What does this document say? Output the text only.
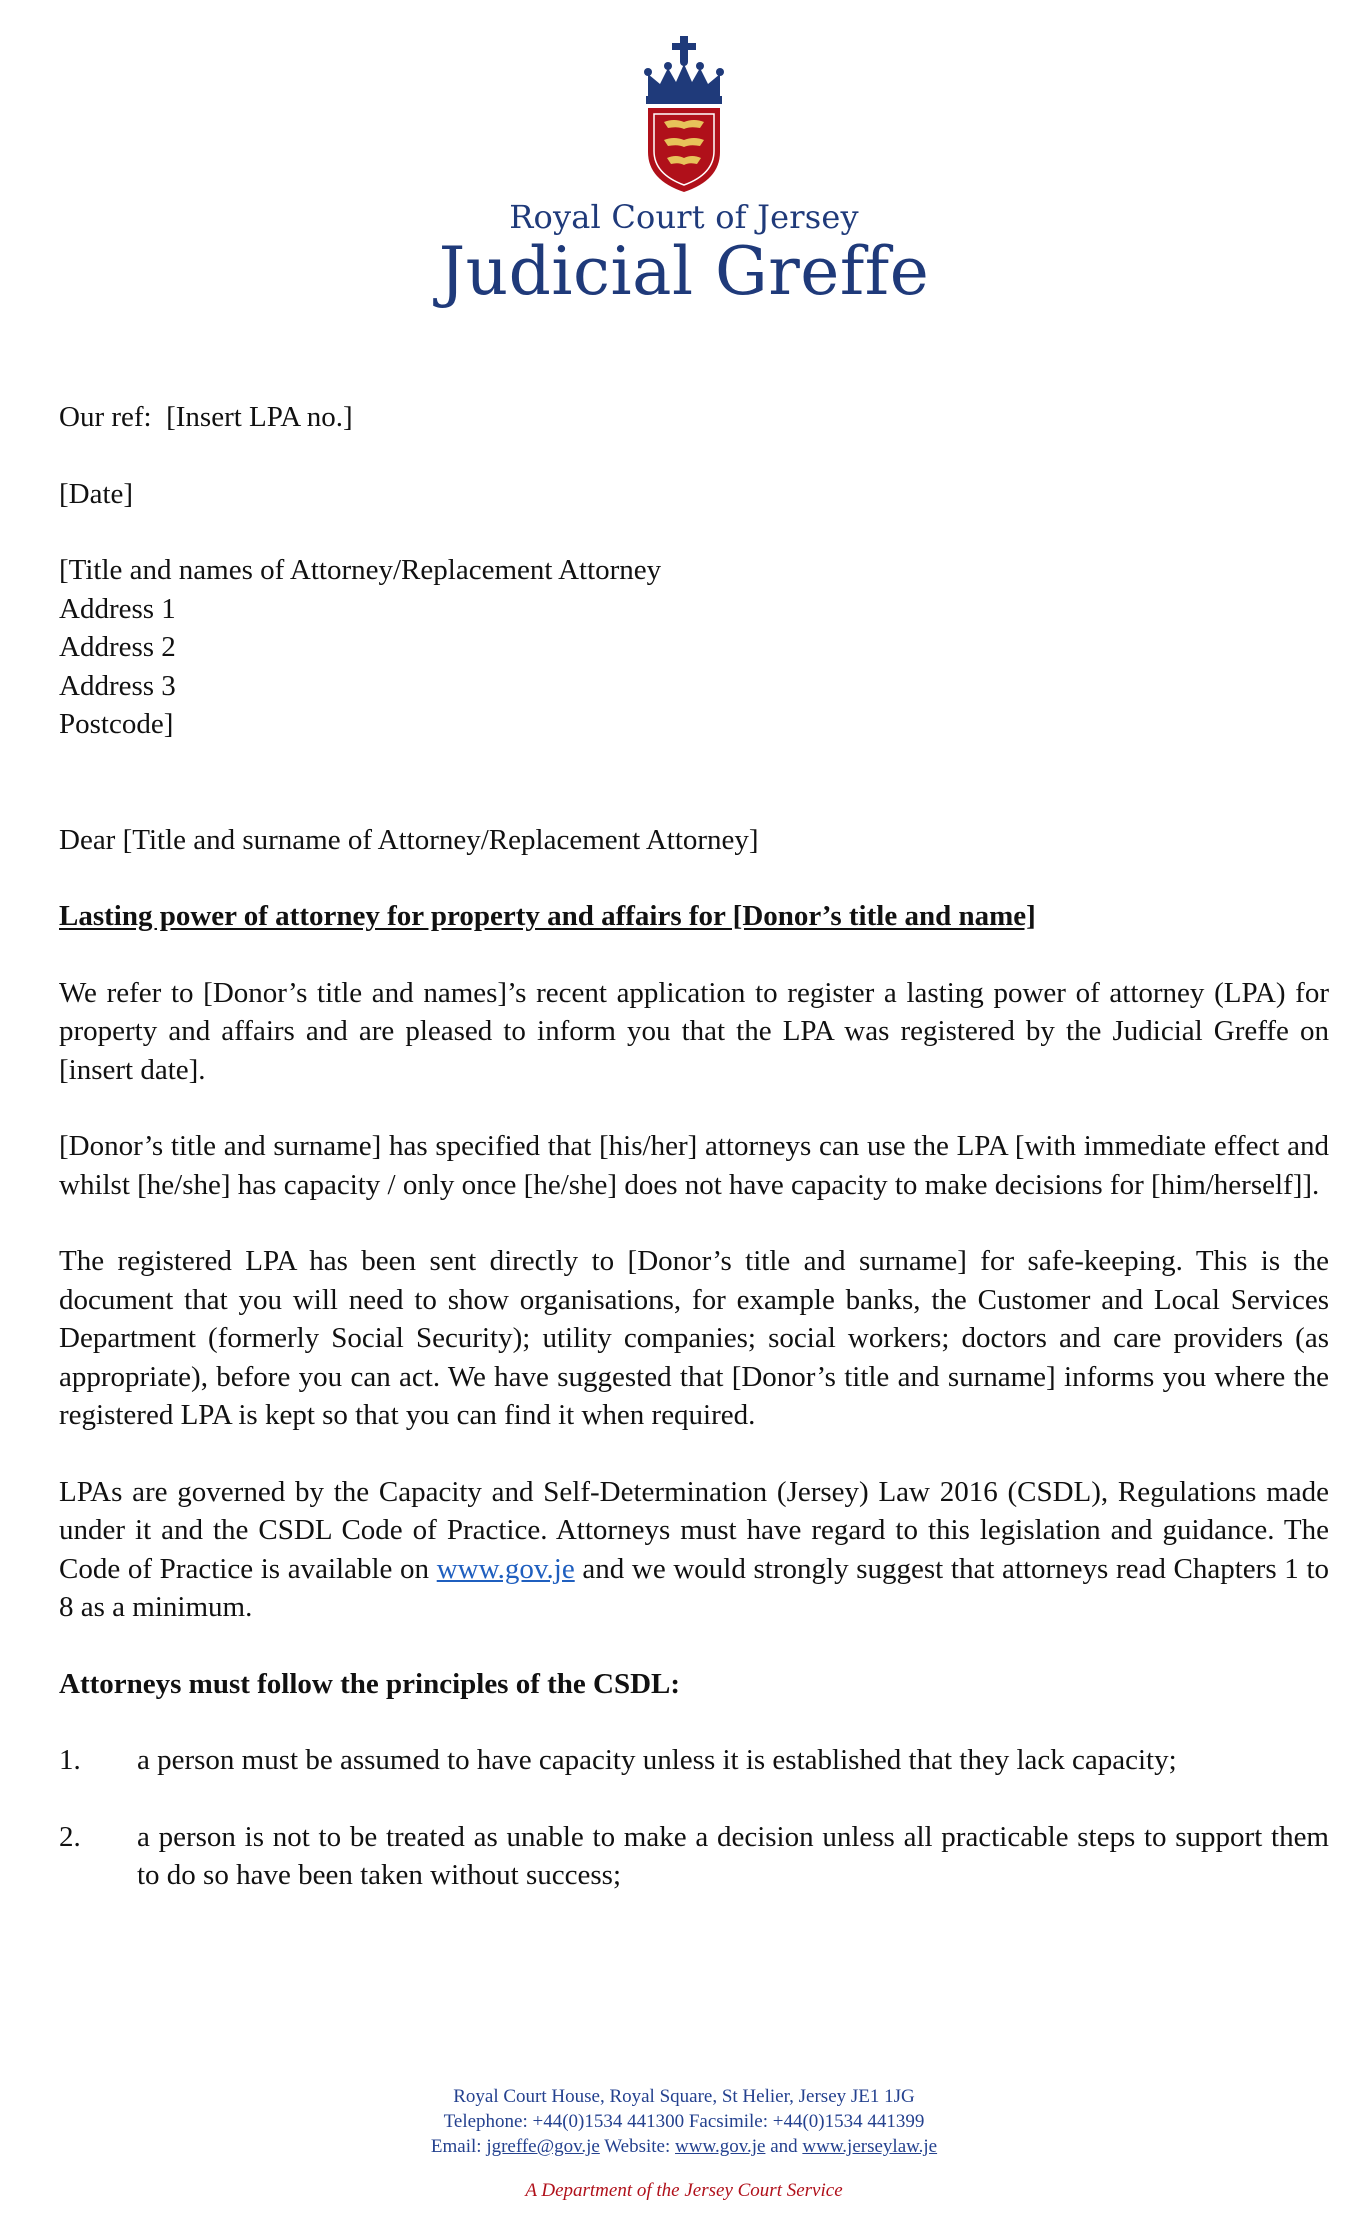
Royal Court of Jersey
Judicial Greffe

Our ref: [Insert LPA no.]

[Date]

[Title and names of Attorney/Replacement Attorney

Address 1

Address 2

Address 3

Postcode]

Dear [Title and surname of Attorney/Replacement Attorney]

Lasting power of attorney for property and affairs for [Donor’s title and name]

We refer to [Donor’s title and names]’s recent application to register a lasting power of attorney (LPA) for property and affairs and are pleased to inform you that the LPA was registered by the Judicial Greffe on [insert date].

[Donor’s title and surname] has specified that [his/her] attorneys can use the LPA [with immediate effect and whilst [he/she] has capacity / only once [he/she] does not have capacity to make decisions for [him/herself]].

The registered LPA has been sent directly to [Donor’s title and surname] for safe-keeping. This is the document that you will need to show organisations, for example banks, the Customer and Local Services Department (formerly Social Security); utility companies; social workers; doctors and care providers (as appropriate), before you can act. We have suggested that [Donor’s title and surname] informs you where the registered LPA is kept so that you can find it when required.

LPAs are governed by the Capacity and Self-Determination (Jersey) Law 2016 (CSDL), Regulations made under it and the CSDL Code of Practice. Attorneys must have regard to this legislation and guidance. The Code of Practice is available on www.gov.je and we would strongly suggest that attorneys read Chapters 1 to 8 as a minimum.

Attorneys must follow the principles of the CSDL:

1.	a person must be assumed to have capacity unless it is established that they lack capacity;
2.	a person is not to be treated as unable to make a decision unless all practicable steps to support them to do so have been taken without success;
Royal Court House, Royal Square, St Helier, Jersey JE1 1JG
Telephone: +44(0)1534 441300 Facsimile: +44(0)1534 441399
Email: jgreffe@gov.je Website: www.gov.je and www.jerseylaw.je
A Department of the Jersey Court Service
